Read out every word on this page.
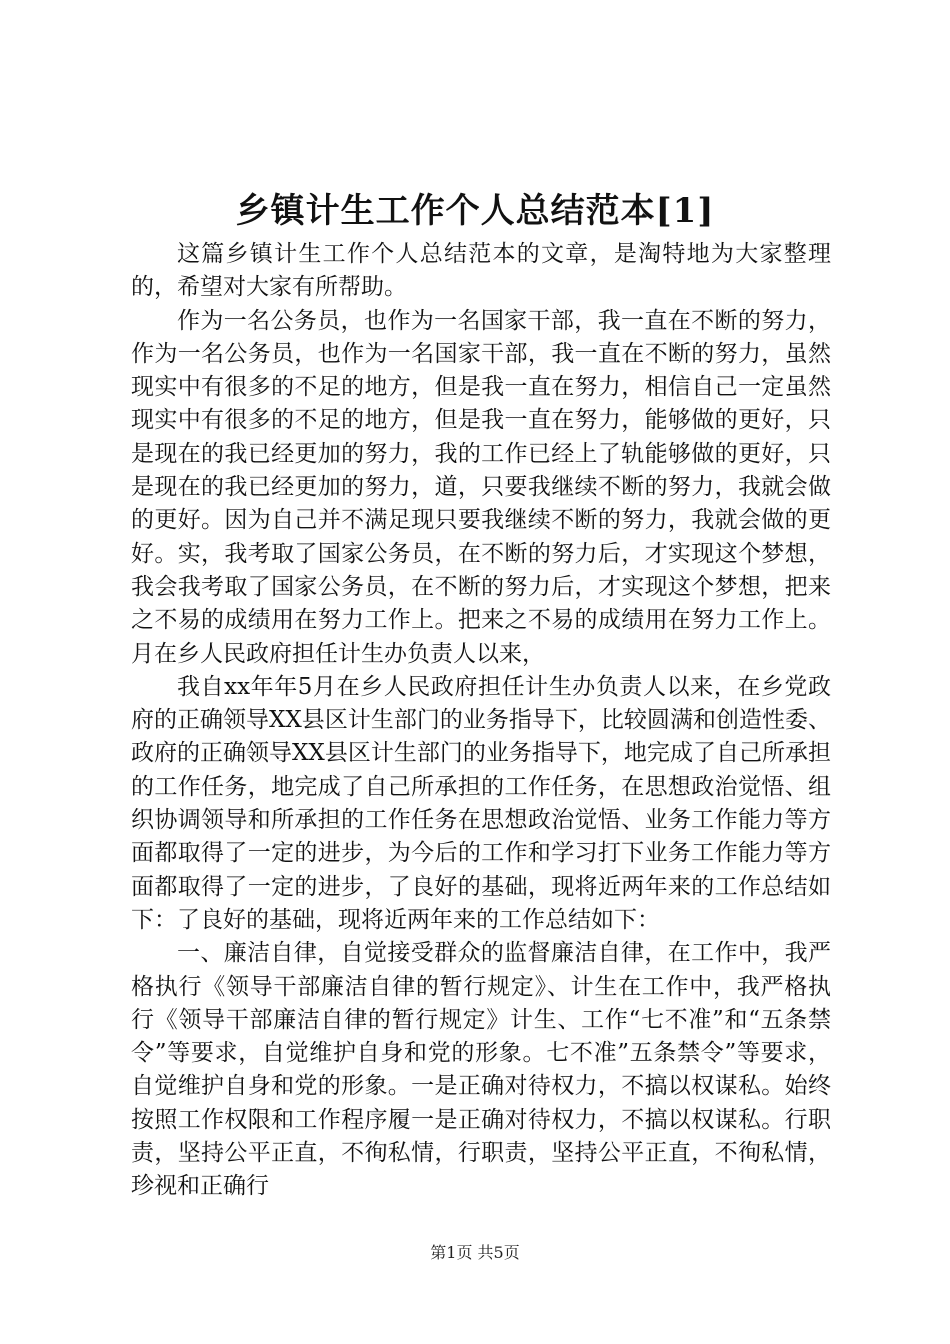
乡镇计生工作个人总结范本[1]

这篇乡镇计生工作个人总结范本的文章，是淘特地为大家整理的，希望对大家有所帮助。

作为一名公务员，也作为一名国家干部，我一直在不断的努力，作为一名公务员，也作为一名国家干部，我一直在不断的努力，虽然现实中有很多的不足的地方，但是我一直在努力，相信自己一定虽然现实中有很多的不足的地方，但是我一直在努力，能够做的更好，只是现在的我已经更加的努力，我的工作已经上了轨能够做的更好，只是现在的我已经更加的努力，道，只要我继续不断的努力，我就会做的更好。因为自己并不满足现只要我继续不断的努力，我就会做的更好。实，我考取了国家公务员，在不断的努力后，才实现这个梦想，我会我考取了国家公务员，在不断的努力后，才实现这个梦想，把来之不易的成绩用在努力工作上。把来之不易的成绩用在努力工作上。月在乡人民政府担任计生办负责人以来，

我自xx年年5月在乡人民政府担任计生办负责人以来，在乡党政府的正确领导XX县区计生部门的业务指导下，比较圆满和创造性委、政府的正确领导XX县区计生部门的业务指导下，地完成了自己所承担的工作任务，地完成了自己所承担的工作任务，在思想政治觉悟、组织协调领导和所承担的工作任务在思想政治觉悟、业务工作能力等方面都取得了一定的进步，为今后的工作和学习打下业务工作能力等方面都取得了一定的进步，了良好的基础，现将近两年来的工作总结如下：了良好的基础，现将近两年来的工作总结如下：

一、廉洁自律，自觉接受群众的监督廉洁自律，在工作中，我严格执行《领导干部廉洁自律的暂行规定》、计生在工作中，我严格执行《领导干部廉洁自律的暂行规定》计生、工作“七不准”和“五条禁令”等要求，自觉维护自身和党的形象。七不准”五条禁令”等要求，自觉维护自身和党的形象。一是正确对待权力，不搞以权谋私。始终按照工作权限和工作程序履一是正确对待权力，不搞以权谋私。行职责，坚持公平正直，不徇私情，行职责，坚持公平正直，不徇私情，珍视和正确行

第1页 共5页
